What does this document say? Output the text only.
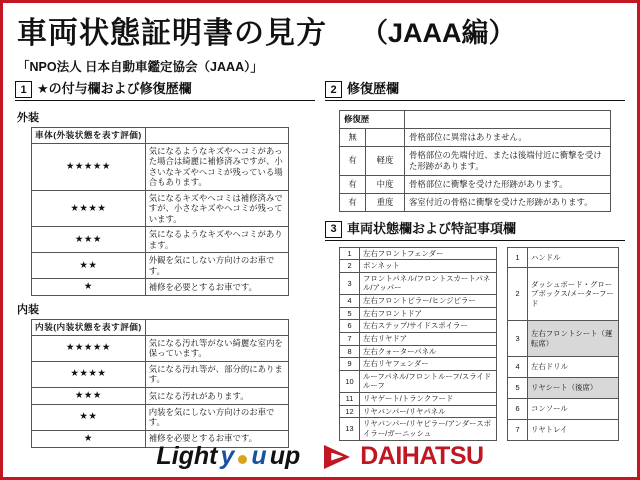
車両状態証明書の見方 （JAAA編）
「NPO法人 日本自動車鑑定協会（JAAA）」
1 ★の付与欄および修復歴欄
外装
車体(外装状態を表す評価)	
★★★★★	気になるようなキズやヘコミがあった場合は綺麗に補修済みですが、小さいなキズやヘコミが残っている場合もあります。
★★★★	気になるキズやヘコミは補修済みですが、小さなキズやヘコミが残っています。
★★★	気になるようなキズやヘコミがあります。
★★	外観を気にしない方向けのお車です。
★	補修を必要とするお車です。
内装
内装(内装状態を表す評価)	
★★★★★	気になる汚れ等がない綺麗な室内を保っています。
★★★★	気になる汚れ等が、部分的にあります。
★★★	気になる汚れがあります。
★★	内装を気にしない方向けのお車です。
★	補修を必要とするお車です。
2 修復歴欄
修復歴		
無		骨格部位に異常はありません。
有	軽度	骨格部位の先端付近、または後端付近に衝撃を受けた形跡があります。
有	中度	骨格部位に衝撃を受けた形跡があります。
有	重度	客室付近の骨格に衝撃を受けた形跡があります。
3 車両状態欄および特記事項欄
1	左右フロントフェンダー
2	ボンネット
3	フロントパネル/フロントスカートパネル/アッパー
4	左右フロントピラー/ヒンジピラー
5	左右フロントドア
6	左右ステップ/サイドスポイラー
7	左右リヤドア
8	左右クォーターパネル
9	左右リヤフェンダー
10	ルーフパネル/フロントルーフ/スライドルーフ
11	リヤゲート/トランクフード
12	リヤバンパー/リヤパネル
13	リヤバンパー/リヤピラー/アンダースポイラー/ガーニッシュ
1	ハンドル
2	ダッシュボード・グローブボックス/メーターフード
3	左右フロントシート（運転席）
4	左右ドリル
5	リヤシート（後席）
6	コンソール
7	リヤトレイ
Light y u up DAIHATSU
